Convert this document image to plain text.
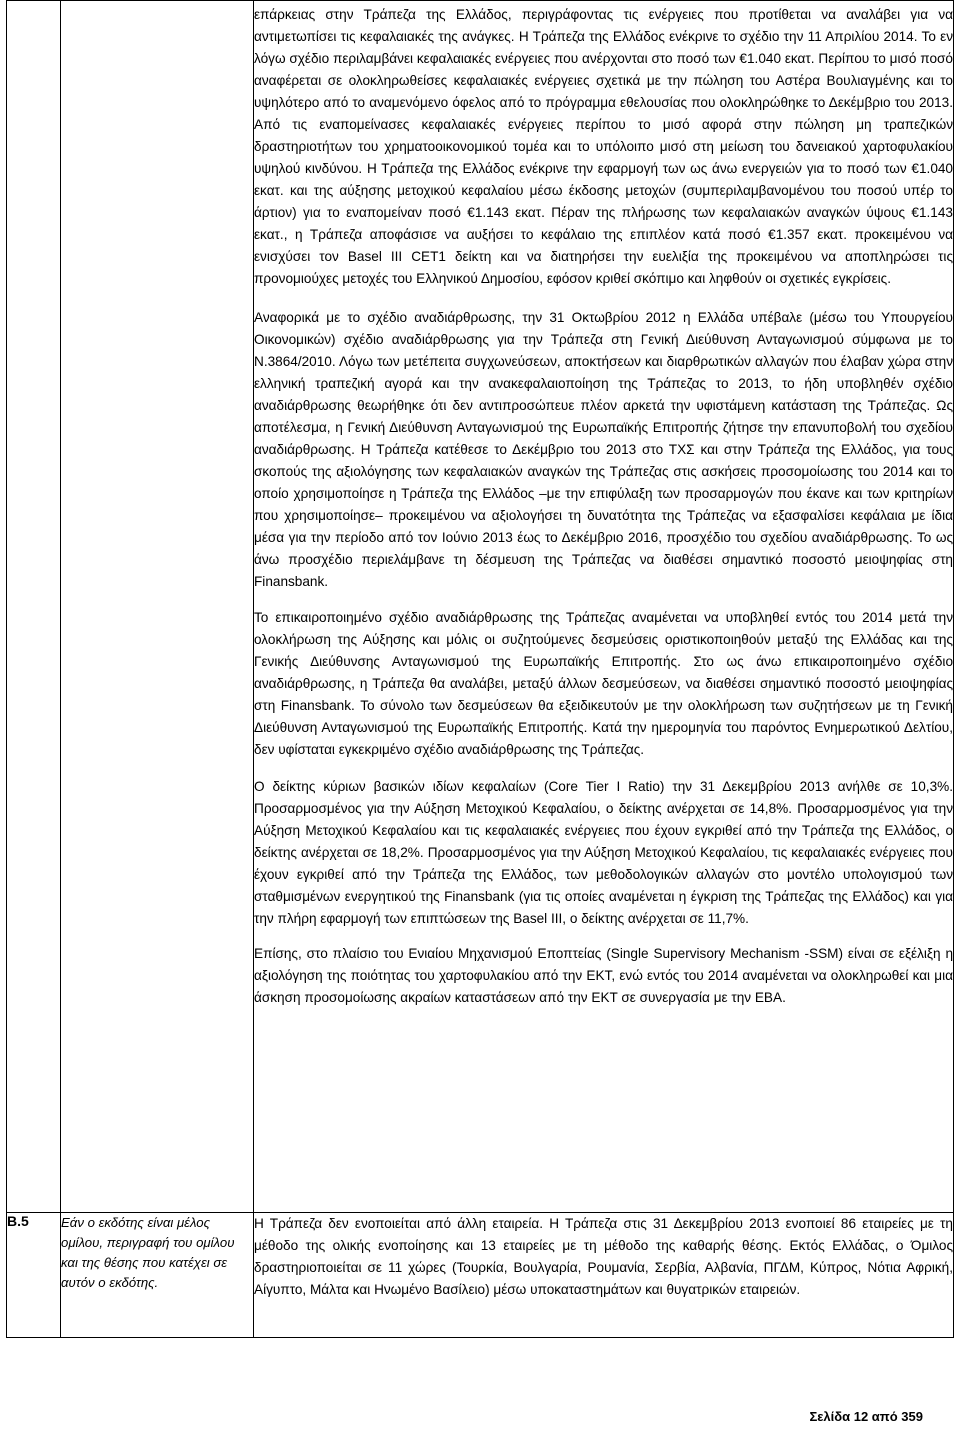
		επάρκειας στην Τράπεζα της Ελλάδος, περιγράφοντας τις ενέργειες που προτίθεται να αναλάβει για να αντιμετωπίσει τις κεφαλαιακές της ανάγκες. Η Τράπεζα της Ελλάδος ενέκρινε το σχέδιο την 11 Απριλίου 2014. Το εν λόγω σχέδιο περιλαμβάνει κεφαλαιακές ενέργειες που ανέρχονται στο ποσό των €1.040 εκατ. Περίπου το μισό ποσό αναφέρεται σε ολοκληρωθείσες κεφαλαιακές ενέργειες σχετικά με την πώληση του Αστέρα Βουλιαγμένης και το υψηλότερο από το αναμενόμενο όφελος από το πρόγραμμα εθελουσίας που ολοκληρώθηκε το Δεκέμβριο του 2013. Από τις εναπομείνασες κεφαλαιακές ενέργειες περίπου το μισό αφορά στην πώληση μη τραπεζικών δραστηριοτήτων του χρηματοοικονομικού τομέα και το υπόλοιπο μισό στη μείωση του δανειακού χαρτοφυλακίου υψηλού κινδύνου. Η Τράπεζα της Ελλάδος ενέκρινε την εφαρμογή των ως άνω ενεργειών για το ποσό των €1.040 εκατ. και της αύξησης μετοχικού κεφαλαίου μέσω έκδοσης μετοχών (συμπεριλαμβανομένου του ποσού υπέρ το άρτιον) για το εναπομείναν ποσό €1.143 εκατ. Πέραν της πλήρωσης των κεφαλαιακών αναγκών ύψους €1.143 εκατ., η Τράπεζα αποφάσισε να αυξήσει το κεφάλαιο της επιπλέον κατά ποσό €1.357 εκατ. προκειμένου να ενισχύσει τον Basel III CET1 δείκτη και να διατηρήσει την ευελιξία της προκειμένου να αποπληρώσει τις προνομιούχες μετοχές του Ελληνικού Δημοσίου, εφόσον κριθεί σκόπιμο και ληφθούν οι σχετικές εγκρίσεις.

Αναφορικά με το σχέδιο αναδιάρθρωσης, την 31 Οκτωβρίου 2012 η Ελλάδα υπέβαλε (μέσω του Υπουργείου Οικονομικών) σχέδιο αναδιάρθρωσης για την Τράπεζα στη Γενική Διεύθυνση Ανταγωνισμού σύμφωνα με το Ν.3864/2010. Λόγω των μετέπειτα συγχωνεύσεων, αποκτήσεων και διαρθρωτικών αλλαγών που έλαβαν χώρα στην ελληνική τραπεζική αγορά και την ανακεφαλαιοποίηση της Τράπεζας το 2013, το ήδη υποβληθέν σχέδιο αναδιάρθρωσης θεωρήθηκε ότι δεν αντιπροσώπευε πλέον αρκετά την υφιστάμενη κατάσταση της Τράπεζας. Ως αποτέλεσμα, η Γενική Διεύθυνση Ανταγωνισμού της Ευρωπαϊκής Επιτροπής ζήτησε την επανυποβολή του σχεδίου αναδιάρθρωσης. Η Τράπεζα κατέθεσε το Δεκέμβριο του 2013 στο ΤΧΣ και στην Τράπεζα της Ελλάδος, για τους σκοπούς της αξιολόγησης των κεφαλαιακών αναγκών της Τράπεζας στις ασκήσεις προσομοίωσης του 2014 και το οποίο χρησιμοποίησε η Τράπεζα της Ελλάδος –με την επιφύλαξη των προσαρμογών που έκανε και των κριτηρίων που χρησιμοποίησε– προκειμένου να αξιολογήσει τη δυνατότητα της Τράπεζας να εξασφαλίσει κεφάλαια με ίδια μέσα για την περίοδο από τον Ιούνιο 2013 έως το Δεκέμβριο 2016, προσχέδιο του σχεδίου αναδιάρθρωσης. Το ως άνω προσχέδιο περιελάμβανε τη δέσμευση της Τράπεζας να διαθέσει σημαντικό ποσοστό μειοψηφίας στη Finansbank.

Το επικαιροποιημένο σχέδιο αναδιάρθρωσης της Τράπεζας αναμένεται να υποβληθεί εντός του 2014 μετά την ολοκλήρωση της Αύξησης και μόλις οι συζητούμενες δεσμεύσεις οριστικοποιηθούν μεταξύ της Ελλάδας και της Γενικής Διεύθυνσης Ανταγωνισμού της Ευρωπαϊκής Επιτροπής. Στο ως άνω επικαιροποιημένο σχέδιο αναδιάρθρωσης, η Τράπεζα θα αναλάβει, μεταξύ άλλων δεσμεύσεων, να διαθέσει σημαντικό ποσοστό μειοψηφίας στη Finansbank. Το σύνολο των δεσμεύσεων θα εξειδικευτούν με την ολοκλήρωση των συζητήσεων με τη Γενική Διεύθυνση Ανταγωνισμού της Ευρωπαϊκής Επιτροπής. Κατά την ημερομηνία του παρόντος Ενημερωτικού Δελτίου, δεν υφίσταται εγκεκριμένο σχέδιο αναδιάρθρωσης της Τράπεζας.

Ο δείκτης κύριων βασικών ιδίων κεφαλαίων (Core Tier I Ratio) την 31 Δεκεμβρίου 2013 ανήλθε σε 10,3%. Προσαρμοσμένος για την Αύξηση Μετοχικού Κεφαλαίου, ο δείκτης ανέρχεται σε 14,8%. Προσαρμοσμένος για την Αύξηση Μετοχικού Κεφαλαίου και τις κεφαλαιακές ενέργειες που έχουν εγκριθεί από την Τράπεζα της Ελλάδος, ο δείκτης ανέρχεται σε 18,2%. Προσαρμοσμένος για την Αύξηση Μετοχικού Κεφαλαίου, τις κεφαλαιακές ενέργειες που έχουν εγκριθεί από την Τράπεζα της Ελλάδος, των μεθοδολογικών αλλαγών στο μοντέλο υπολογισμού των σταθμισμένων ενεργητικού της Finansbank (για τις οποίες αναμένεται η έγκριση της Τράπεζας της Ελλάδος) και για την πλήρη εφαρμογή των επιπτώσεων της Basel III, ο δείκτης ανέρχεται σε 11,7%.

Επίσης, στο πλαίσιο του Ενιαίου Μηχανισμού Εποπτείας (Single Supervisory Mechanism -SSM) είναι σε εξέλιξη η αξιολόγηση της ποιότητας του χαρτοφυλακίου από την ΕΚΤ, ενώ εντός του 2014 αναμένεται να ολοκληρωθεί και μια άσκηση προσομοίωσης ακραίων καταστάσεων από την ΕΚΤ σε συνεργασία με την ΕΒΑ.

B.5	Εάν ο εκδότης είναι μέλος ομίλου, περιγραφή του ομίλου και της θέσης που κατέχει σε αυτόν ο εκδότης.	Η Τράπεζα δεν ενοποιείται από άλλη εταιρεία. Η Τράπεζα στις 31 Δεκεμβρίου 2013 ενοποιεί 86 εταιρείες με τη μέθοδο της ολικής ενοποίησης και 13 εταιρείες με τη μέθοδο της καθαρής θέσης. Εκτός Ελλάδας, ο Όμιλος δραστηριοποιείται σε 11 χώρες (Τουρκία, Βουλγαρία, Ρουμανία, Σερβία, Αλβανία, ΠΓΔΜ, Κύπρος, Νότια Αφρική, Αίγυπτο, Μάλτα και Ηνωμένο Βασίλειο) μέσω υποκαταστημάτων και θυγατρικών εταιρειών.

Σελίδα 12 από 359
